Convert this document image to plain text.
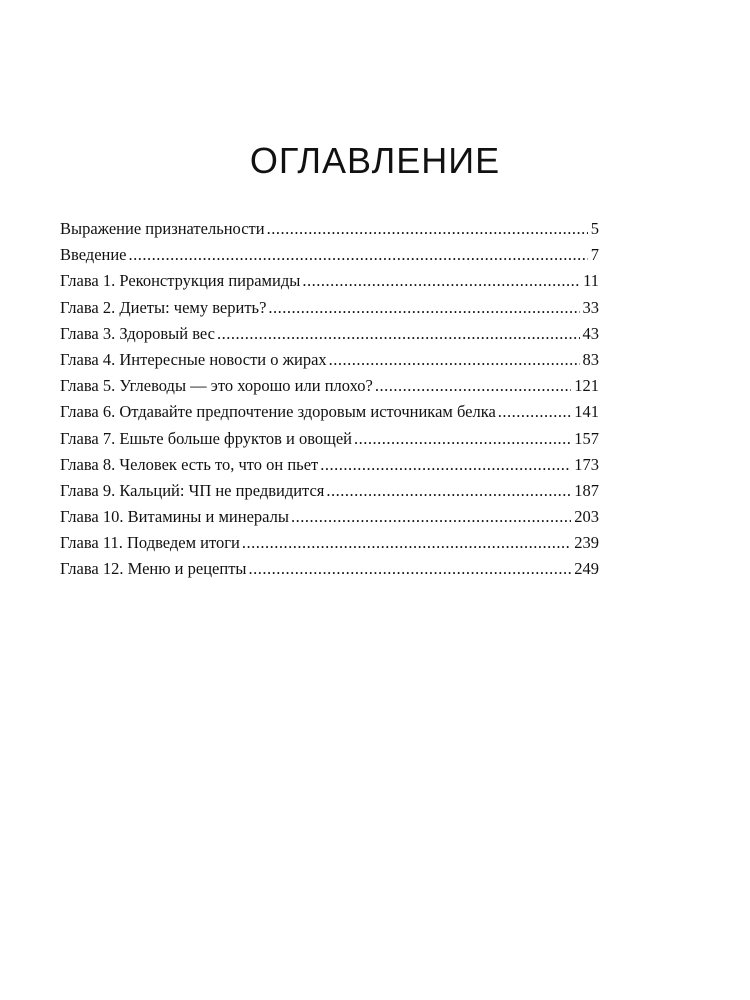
ОГЛАВЛЕНИЕ
Выражение признательности .....	5
Введение .....	7
Глава 1. Реконструкция пирамиды .....	11
Глава 2. Диеты: чему верить? .....	33
Глава 3. Здоровый вес .....	43
Глава 4. Интересные новости о жирах .....	83
Глава 5. Углеводы — это хорошо или плохо? .....	121
Глава 6. Отдавайте предпочтение здоровым источникам белка .....	141
Глава 7. Ешьте больше фруктов и овощей .....	157
Глава 8. Человек есть то, что он пьет .....	173
Глава 9. Кальций: ЧП не предвидится .....	187
Глава 10. Витамины и минералы .....	203
Глава 11. Подведем итоги .....	239
Глава 12. Меню и рецепты .....	249
